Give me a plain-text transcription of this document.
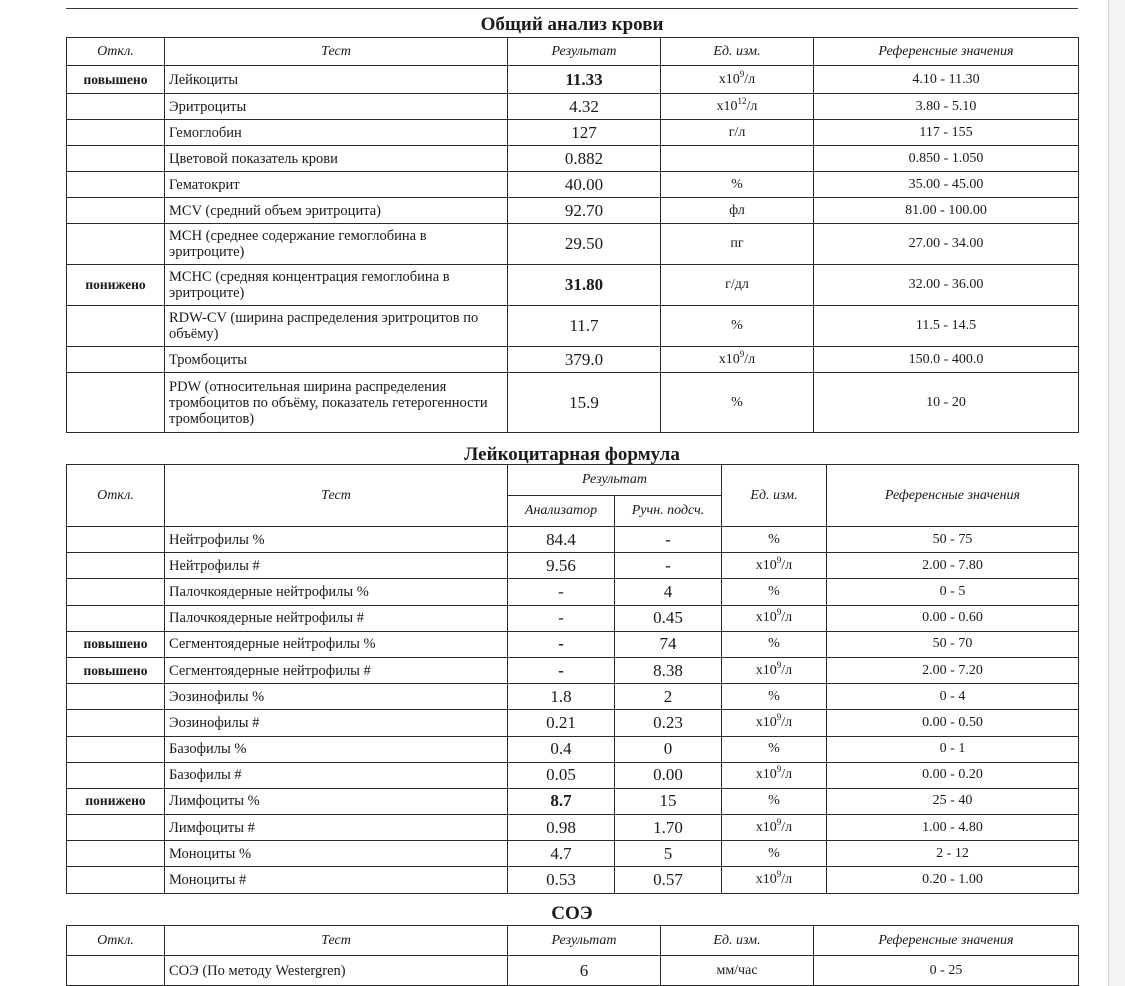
Общий анализ крови
Откл.	Тест	Результат	Ед. изм.	Референсные значения
повышено	Лейкоциты	11.33	$x10^9/л$	4.10 - 11.30
	Эритроциты	4.32	$x10^{12}/л$	3.80 - 5.10
	Гемоглобин	127	г/л	117 - 155
	Цветовой показатель крови	0.882		0.850 - 1.050
	Гематокрит	40.00	%	35.00 - 45.00
	MCV (средний объем эритроцита)	92.70	фл	81.00 - 100.00
	МСН (среднее содержание гемоглобина в эритроците)	29.50	пг	27.00 - 34.00
понижено	МСНС (средняя концентрация гемоглобина в эритроците)	31.80	г/дл	32.00 - 36.00
	RDW-CV (ширина распределения эритроцитов по объёму)	11.7	%	11.5 - 14.5
	Тромбоциты	379.0	$x10^9/л$	150.0 - 400.0
	PDW (относительная ширина распределения тромбоцитов по объёму, показатель гетерогенности тромбоцитов)	15.9	%	10 - 20
Лейкоцитарная формула
Откл.	Тест	Результат		Ед. изм.	Референсные значения
		Анализатор	Ручн. подсч.		
	Нейтрофилы %	84.4	-	%	50 - 75
	Нейтрофилы #	9.56	-	$x10^9/л$	2.00 - 7.80
	Палочкоядерные нейтрофилы %	-	4	%	0 - 5
	Палочкоядерные нейтрофилы #	-	0.45	$x10^9/л$	0.00 - 0.60
повышено	Сегментоядерные нейтрофилы %	-	74	%	50 - 70
повышено	Сегментоядерные нейтрофилы #	-	8.38	$x10^9/л$	2.00 - 7.20
	Эозинофилы %	1.8	2	%	0 - 4
	Эозинофилы #	0.21	0.23	$x10^9/л$	0.00 - 0.50
	Базофилы %	0.4	0	%	0 - 1
	Базофилы #	0.05	0.00	$x10^9/л$	0.00 - 0.20
понижено	Лимфоциты %	8.7	15	%	25 - 40
	Лимфоциты #	0.98	1.70	$x10^9/л$	1.00 - 4.80
	Моноциты %	4.7	5	%	2 - 12
	Моноциты #	0.53	0.57	$x10^9/л$	0.20 - 1.00
СОЭ
Откл.	Тест	Результат	Ед. изм.	Референсные значения
	СОЭ (По методу Westergren)	6	мм/час	0 - 25
